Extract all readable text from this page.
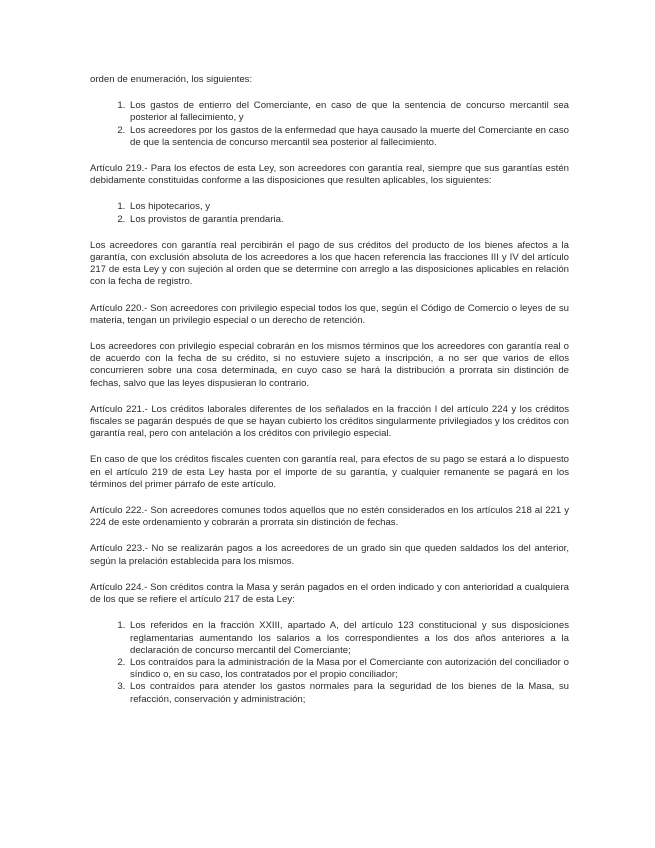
orden de enumeración, los siguientes:

1. Los gastos de entierro del Comerciante, en caso de que la sentencia de concurso mercantil sea posterior al fallecimiento, y
2. Los acreedores por los gastos de la enfermedad que haya causado la muerte del Comerciante en caso de que la sentencia de concurso mercantil sea posterior al fallecimiento.

Artículo 219.- Para los efectos de esta Ley, son acreedores con garantía real, siempre que sus garantías estén debidamente constituidas conforme a las disposiciones que resulten aplicables, los siguientes:

1. Los hipotecarios, y
2. Los provistos de garantía prendaria.

Los acreedores con garantía real percibirán el pago de sus créditos del producto de los bienes afectos a la garantía, con exclusión absoluta de los acreedores a los que hacen referencia las fracciones III y IV del artículo 217 de esta Ley y con sujeción al orden que se determine con arreglo a las disposiciones aplicables en relación con la fecha de registro.

Artículo 220.- Son acreedores con privilegio especial todos los que, según el Código de Comercio o leyes de su materia, tengan un privilegio especial o un derecho de retención.

Los acreedores con privilegio especial cobrarán en los mismos términos que los acreedores con garantía real o de acuerdo con la fecha de su crédito, si no estuviere sujeto a inscripción, a no ser que varios de ellos concurrieren sobre una cosa determinada, en cuyo caso se hará la distribución a prorrata sin distinción de fechas, salvo que las leyes dispusieran lo contrario.

Artículo 221.- Los créditos laborales diferentes de los señalados en la fracción I del artículo 224 y los créditos fiscales se pagarán después de que se hayan cubierto los créditos singularmente privilegiados y los créditos con garantía real, pero con antelación a los créditos con privilegio especial.

En caso de que los créditos fiscales cuenten con garantía real, para efectos de su pago se estará a lo dispuesto en el artículo 219 de esta Ley hasta por el importe de su garantía, y cualquier remanente se pagará en los términos del primer párrafo de este artículo.

Artículo 222.- Son acreedores comunes todos aquellos que no estén considerados en los artículos 218 al 221 y 224 de este ordenamiento y cobrarán a prorrata sin distinción de fechas.

Artículo 223.- No se realizarán pagos a los acreedores de un grado sin que queden saldados los del anterior, según la prelación establecida para los mismos.

Artículo 224.- Son créditos contra la Masa y serán pagados en el orden indicado y con anterioridad a cualquiera de los que se refiere el artículo 217 de esta Ley:

1. Los referidos en la fracción XXIII, apartado A, del artículo 123 constitucional y sus disposiciones reglamentarias aumentando los salarios a los correspondientes a los dos años anteriores a la declaración de concurso mercantil del Comerciante;
2. Los contraídos para la administración de la Masa por el Comerciante con autorización del conciliador o síndico o, en su caso, los contratados por el propio conciliador;
3. Los contraídos para atender los gastos normales para la seguridad de los bienes de la Masa, su refacción, conservación y administración;
